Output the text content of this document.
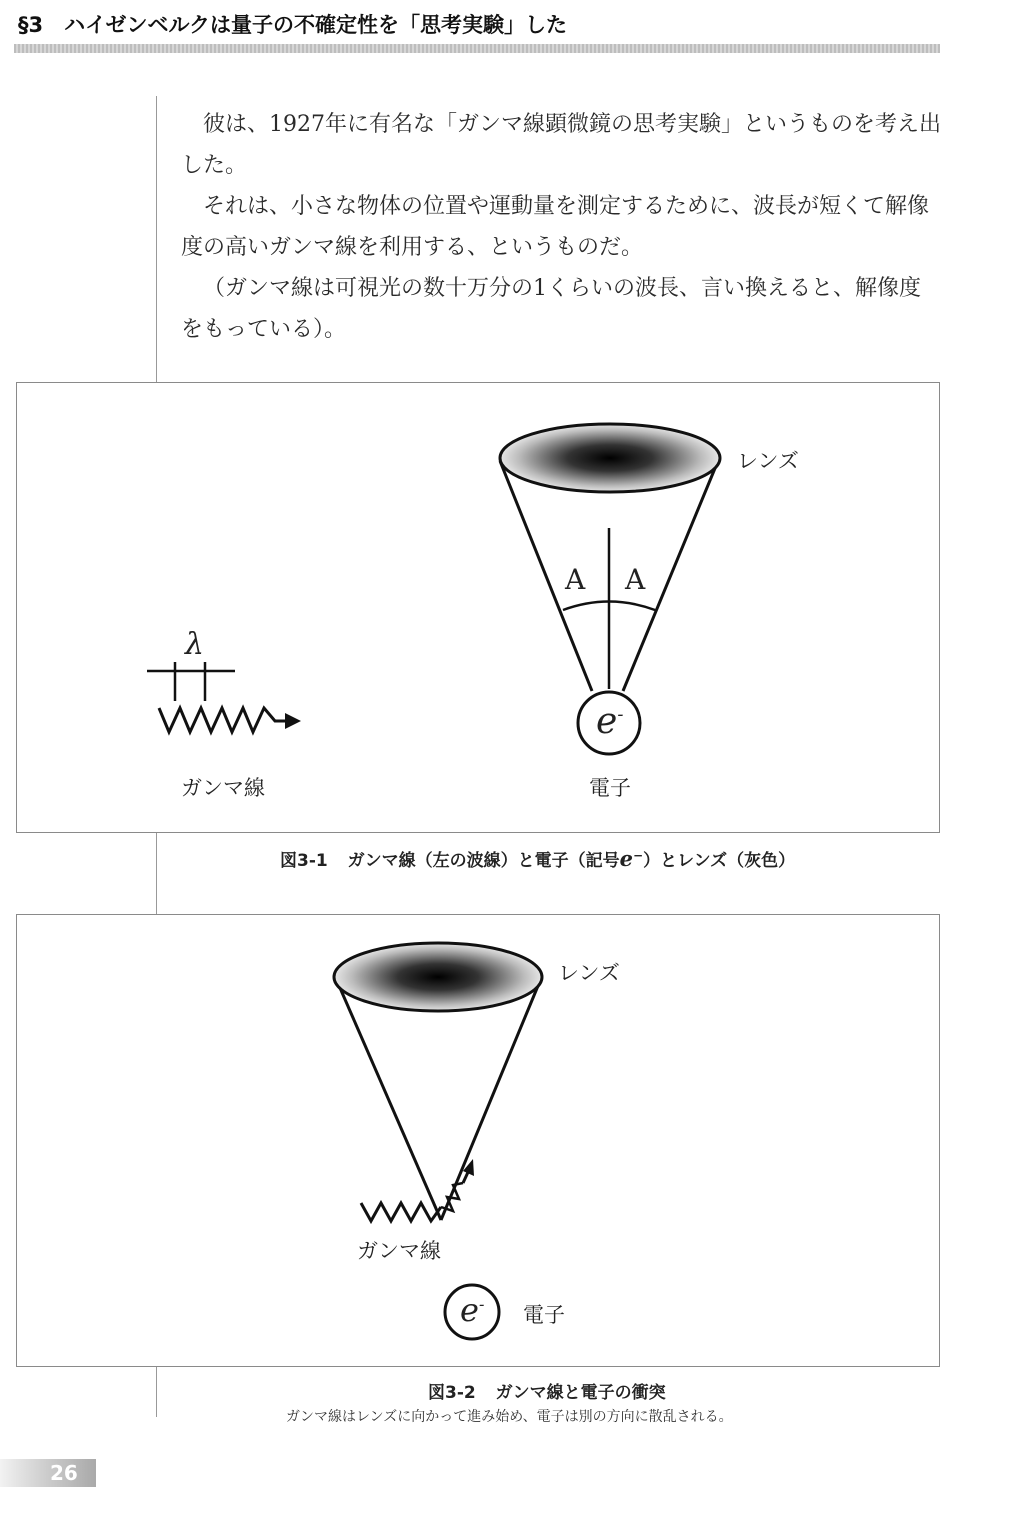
§3　ハイゼンベルクは量子の不確定性を「思考実験」した

彼は、1927年に有名な「ガンマ線顕微鏡の思考実験」というものを考え出した。

それは、小さな物体の位置や運動量を測定するために、波長が短くて解像度の高いガンマ線を利用する、というものだ。

（ガンマ線は可視光の数十万分の1くらいの波長、言い換えると、解像度をもっている）。

レンズ
A A
λ
ガンマ線
e-
電子
図3-1 ガンマ線（左の波線）と電子（記号e−）とレンズ（灰色）
レンズ
ガンマ線
e- 電子
図3-2 ガンマ線と電子の衝突
ガンマ線はレンズに向かって進み始め、電子は別の方向に散乱される。
26
